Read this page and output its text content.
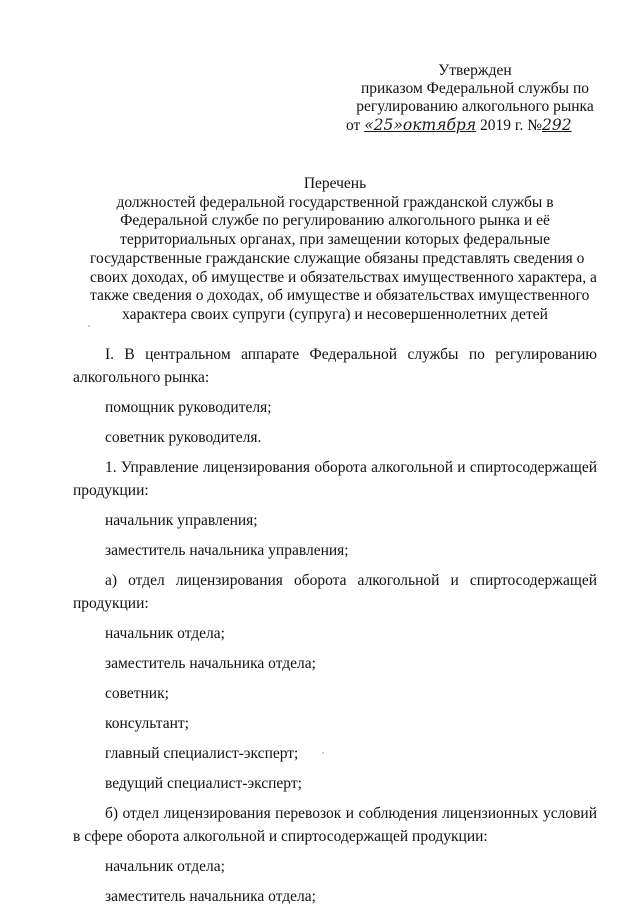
Утвержден
приказом Федеральной службы по
регулированию алкогольного рынка
от «25»октября 2019 г. №292
Перечень
должностей федеральной государственной гражданской службы в
Федеральной службе по регулированию алкогольного рынка и её
территориальных органах, при замещении которых федеральные
государственные гражданские служащие обязаны представлять сведения о
своих доходах, об имуществе и обязательствах имущественного характера, а
также сведения о доходах, об имуществе и обязательствах имущественного
характера своих супруги (супруга) и несовершеннолетних детей

I. В центральном аппарате Федеральной службы по регулированию алкогольного рынка:

помощник руководителя;
советник руководителя.

1. Управление лицензирования оборота алкогольной и спиртосодержащей продукции:

начальник управления;
заместитель начальника управления;

а) отдел лицензирования оборота алкогольной и спиртосодержащей продукции:

начальник отдела;
заместитель начальника отдела;
советник;
консультант;
главный специалист-эксперт;
ведущий специалист-эксперт;

б) отдел лицензирования перевозок и соблюдения лицензионных условий в сфере оборота алкогольной и спиртосодержащей продукции:

начальник отдела;
заместитель начальника отдела;
